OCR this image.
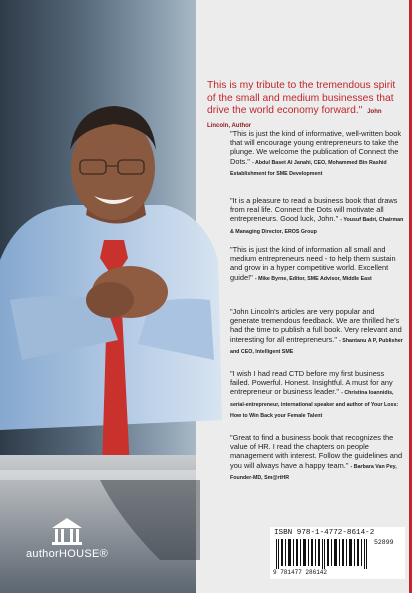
This is my tribute to the tremendous spirit of the small and medium businesses that drive the world economy forward." John Lincoln, Author

"This is just the kind of informative, well-written book that will encourage young entrepreneurs to take the plunge. We welcome the publication of Connect the Dots." - Abdul Baset Al Janahi, CEO, Mohammed Bin Rashid Establishment for SME Development

"It is a pleasure to read a business book that draws from real life. Connect the Dots will motivate all entrepreneurs. Good luck, John." - Yousuf Badri, Chairman & Managing Director, EROS Group

"This is just the kind of information all small and medium entrepreneurs need - to help them sustain and grow in a hyper competitive world. Excellent guide!" - Mike Byrne, Editor, SME Advisor, Middle East

"John Lincoln's articles are very popular and generate tremendous feedback. We are thrilled he's had the time to publish a full book. Very relevant and interesting for all entrepreneurs." - Shantanu A P, Publisher and CEO, Intelligent SME

"I wish I had read CTD before my first business failed. Powerful. Honest. Insightful. A must for any entrepreneur or business leader." - Christina Ioannidis, serial-entrepreneur, international speaker and author of Your Loss: How to Win Back your Female Talent

"Great to find a business book that recognizes the value of HR. I read the chapters on people management with interest. Follow the guidelines and you will always have a happy team." - Barbara Van Pey, Founder-MD, Sm@rtHR

authorHOUSE®
ISBN 978-1-4772-8614-2
52899
9 781477 286142
